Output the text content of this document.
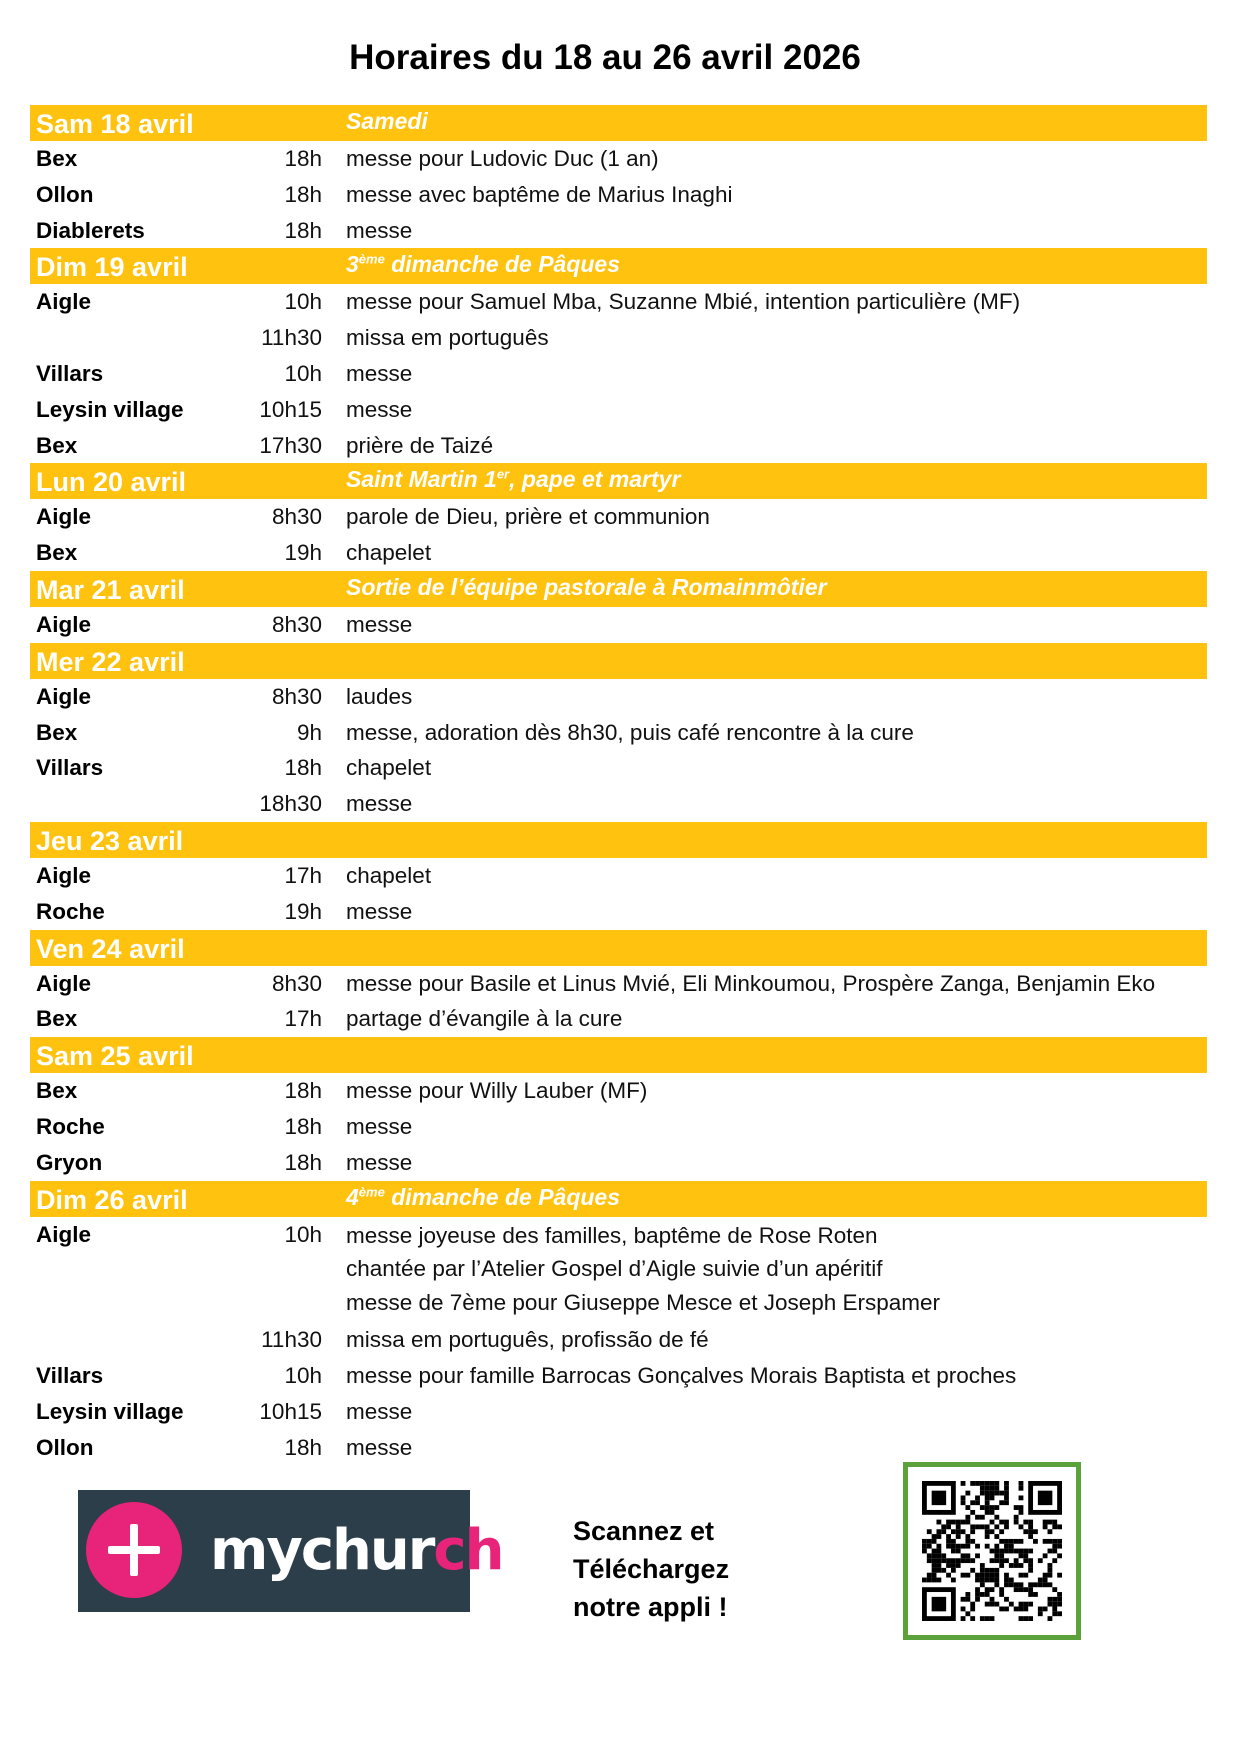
Horaires du 18 au 26 avril 2026
Sam 18 avril	Samedi
Bex	18h messe pour Ludovic Duc (1 an)
Ollon	18h messe avec baptême de Marius Inaghi
Diablerets	18h messe
Dim 19 avril	3ème dimanche de Pâques
Aigle	10h messe pour Samuel Mba, Suzanne Mbié, intention particulière (MF)
11h30 missa em português
Villars	10h messe
Leysin village	10h15 messe
Bex	17h30 prière de Taizé
Lun 20 avril	Saint Martin 1er, pape et martyr
Aigle	8h30 parole de Dieu, prière et communion
Bex	19h chapelet
Mar 21 avril	Sortie de l’équipe pastorale à Romainmôtier
Aigle	8h30 messe
Mer 22 avril
Aigle	8h30 laudes
Bex	9h messe, adoration dès 8h30, puis café rencontre à la cure
Villars	18h chapelet
18h30 messe
Jeu 23 avril
Aigle	17h chapelet
Roche	19h messe
Ven 24 avril
Aigle	8h30 messe pour Basile et Linus Mvié, Eli Minkoumou, Prospère Zanga, Benjamin Eko
Bex	17h partage d’évangile à la cure
Sam 25 avril
Bex	18h messe pour Willy Lauber (MF)
Roche	18h messe
Gryon	18h messe
Dim 26 avril	4ème dimanche de Pâques
Aigle	10h messe joyeuse des familles, baptême de Rose Roten
chantée par l’Atelier Gospel d’Aigle suivie d’un apéritif
messe de 7ème pour Giuseppe Mesce et Joseph Erspamer
11h30 missa em português, profissão de fé
Villars	10h messe pour famille Barrocas Gonçalves Morais Baptista et proches
Leysin village	10h15 messe
Ollon	18h messe
mychurch	Scannez et
Téléchargez
notre appli !
